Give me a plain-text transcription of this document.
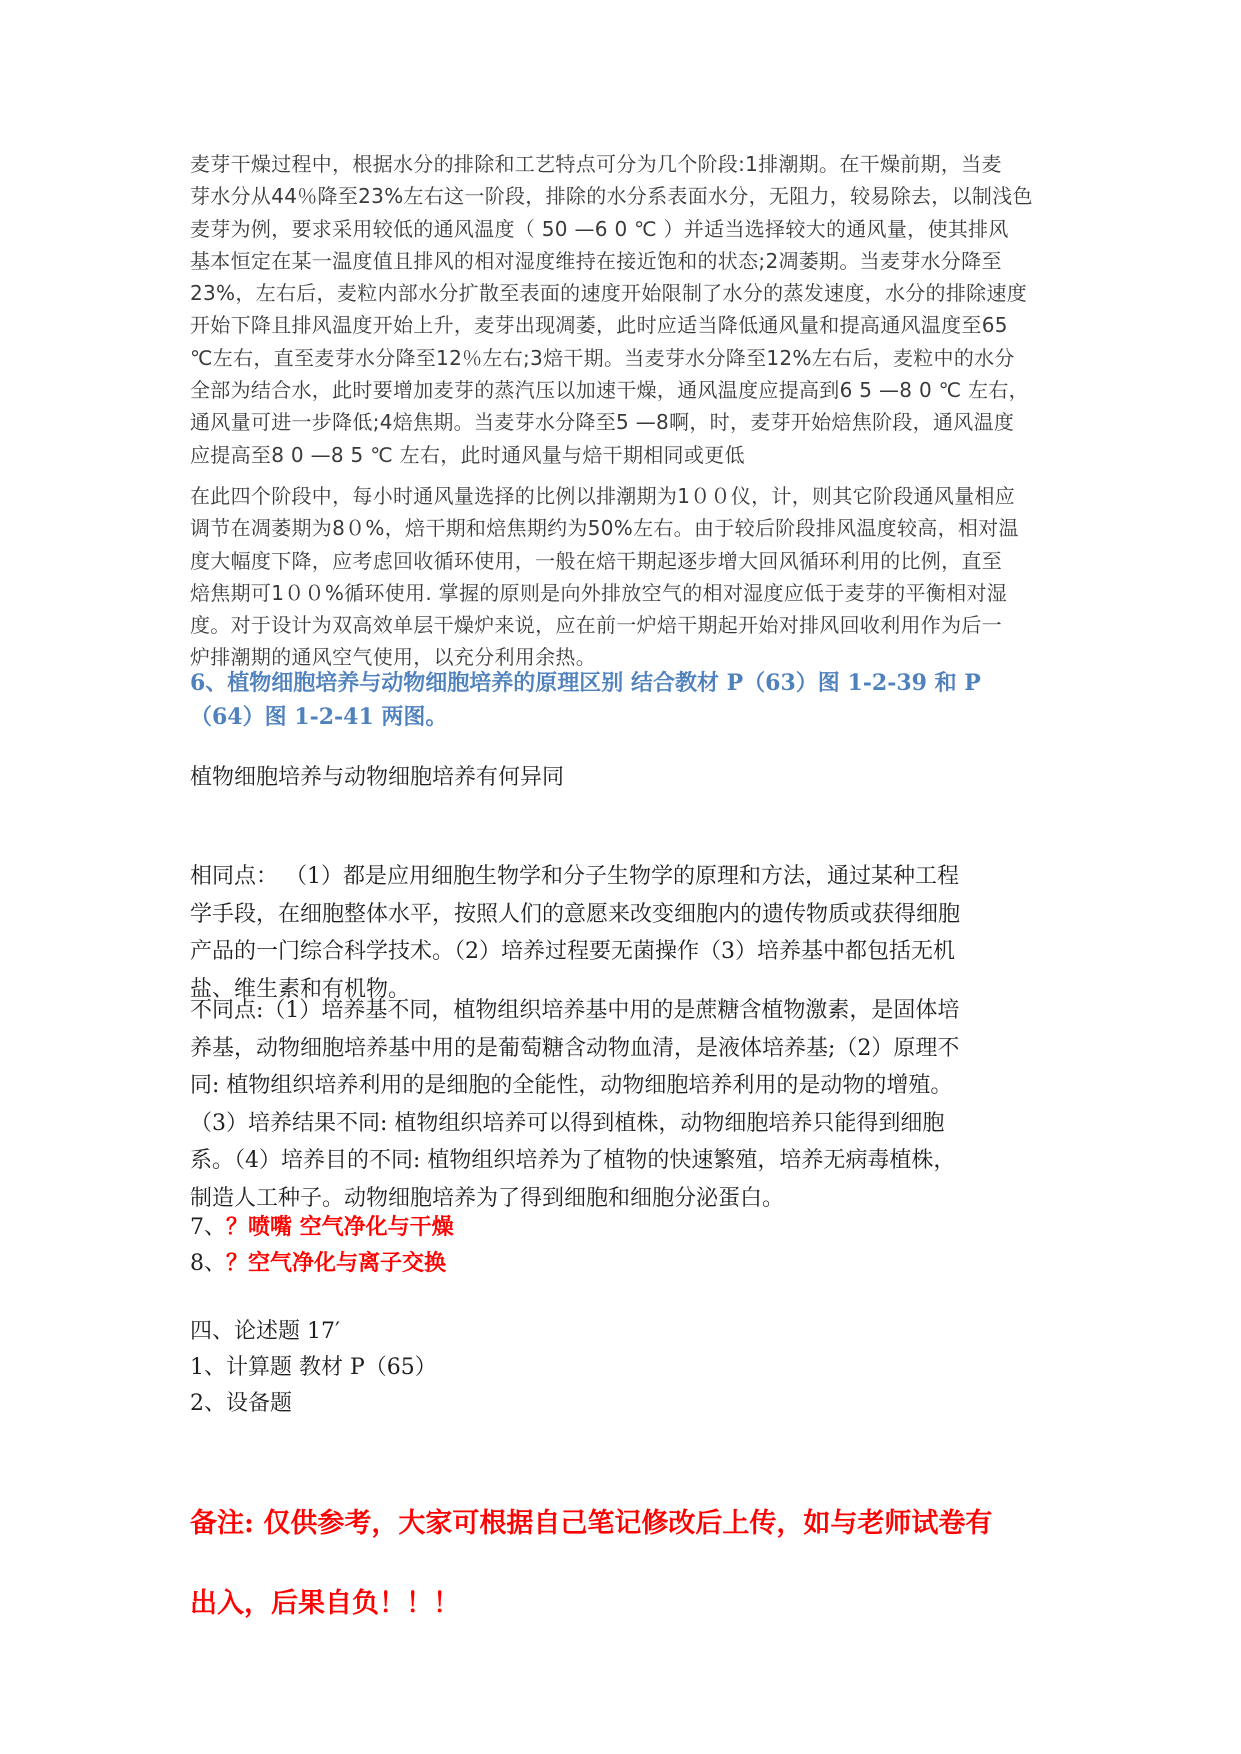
麦芽干燥过程中，根据水分的排除和工艺特点可分为几个阶段:1排潮期。在干燥前期，当麦
芽水分从44％降至23%左右这一阶段，排除的水分系表面水分，无阻力，较易除去，以制浅色
麦芽为例，要求采用较低的通风温度（ 50 —6 0 ℃ ）并适当选择较大的通风量，使其排风
基本恒定在某一温度值且排风的相对湿度维持在接近饱和的状态;2凋萎期。当麦芽水分降至
23%，左右后，麦粒内部水分扩散至表面的速度开始限制了水分的蒸发速度，水分的排除速度
开始下降且排风温度开始上升，麦芽出现凋萎，此时应适当降低通风量和提高通风温度至65
℃左右，直至麦芽水分降至12％左右;3焙干期。当麦芽水分降至12%左右后，麦粒中的水分
全部为结合水，此时要增加麦芽的蒸汽压以加速干燥，通风温度应提高到6 5 —8 0 ℃ 左右，
通风量可进一步降低;4焙焦期。当麦芽水分降至5 —8啊，时，麦芽开始焙焦阶段，通风温度
应提高至8 0 —8 5 ℃ 左右，此时通风量与焙干期相同或更低
在此四个阶段中，每小时通风量选择的比例以排潮期为1００仪，计，则其它阶段通风量相应
调节在凋萎期为8０%，焙干期和焙焦期约为50%左右。由于较后阶段排风温度较高，相对温
度大幅度下降，应考虑回收循环使用，一般在焙干期起逐步增大回风循环利用的比例，直至
焙焦期可1００%循环使用. 掌握的原则是向外排放空气的相对湿度应低于麦芽的平衡相对湿
度。对于设计为双高效单层干燥炉来说，应在前一炉焙干期起开始对排风回收利用作为后一
炉排潮期的通风空气使用，以充分利用余热。
6、植物细胞培养与动物细胞培养的原理区别 结合教材 P（63）图 1-2-39 和 P
（64）图 1-2-41 两图。
植物细胞培养与动物细胞培养有何异同
相同点： （1）都是应用细胞生物学和分子生物学的原理和方法，通过某种工程
学手段，在细胞整体水平，按照人们的意愿来改变细胞内的遗传物质或获得细胞
产品的一门综合科学技术。（2）培养过程要无菌操作（3）培养基中都包括无机
盐、维生素和有机物。
不同点:（1）培养基不同，植物组织培养基中用的是蔗糖含植物激素，是固体培
养基，动物细胞培养基中用的是葡萄糖含动物血清，是液体培养基;（2）原理不
同: 植物组织培养利用的是细胞的全能性，动物细胞培养利用的是动物的增殖。
（3）培养结果不同: 植物组织培养可以得到植株，动物细胞培养只能得到细胞
系。（4）培养目的不同: 植物组织培养为了植物的快速繁殖，培养无病毒植株，
制造人工种子。动物细胞培养为了得到细胞和细胞分泌蛋白。
7、？喷嘴 空气净化与干燥
8、？空气净化与离子交换
四、论述题 17′
1、计算题 教材 P（65）
2、设备题
备注: 仅供参考，大家可根据自己笔记修改后上传，如与老师试卷有
出入，后果自负！！！
